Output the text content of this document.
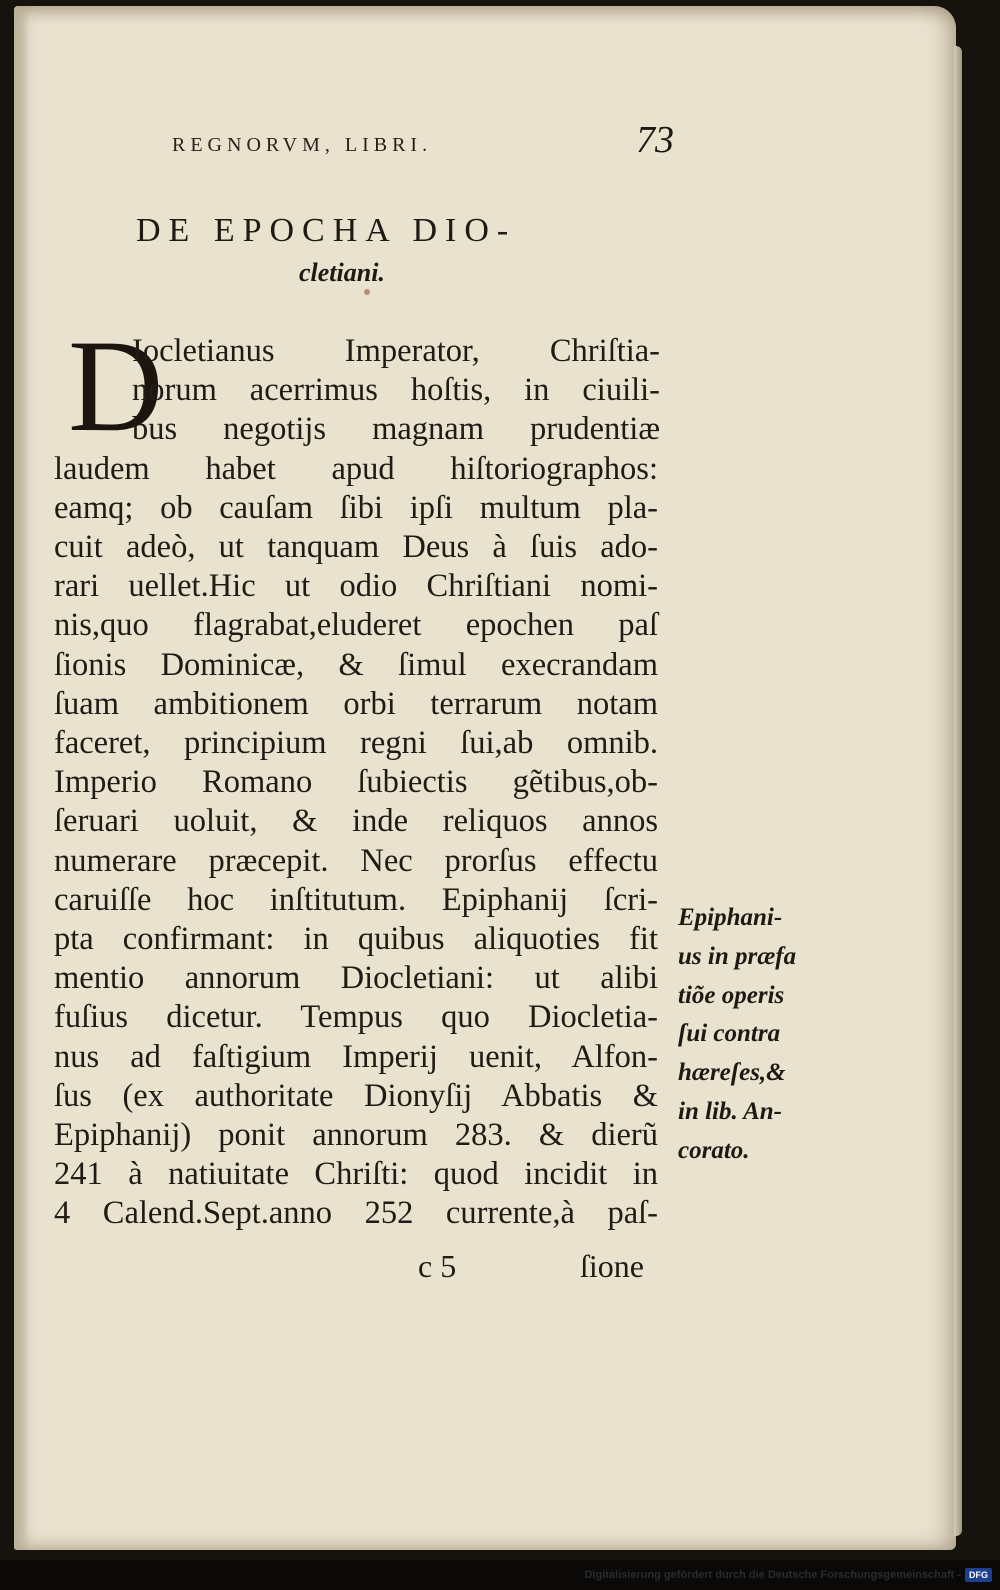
REGNORVM, LIBRI.	73
DE EPOCHA DIO-
cletiani.
D
Iocletianus Imperator, Chriſtia-
norum acerrimus hoſtis, in ciuili-
bus negotijs magnam prudentiæ
laudem habet apud hiſtoriographos:
eamq; ob cauſam ſibi ipſi multum pla-
cuit adeò, ut tanquam Deus à ſuis ado-
rari uellet.Hic ut odio Chriſtiani nomi-
nis,quo flagrabat,eluderet epochen paſ
ſionis Dominicæ, & ſimul execrandam
ſuam ambitionem orbi terrarum notam
faceret, principium regni ſui,ab omnib.
Imperio Romano ſubiectis gẽtibus,ob-
ſeruari uoluit, & inde reliquos annos
numerare præcepit. Nec prorſus effectu
caruiſſe hoc inſtitutum. Epiphanij ſcri-
pta confirmant: in quibus aliquoties fit
mentio annorum Diocletiani: ut alibi
fuſius dicetur. Tempus quo Diocletia-
nus ad faſtigium Imperij uenit, Alfon-
ſus (ex authoritate Dionyſij Abbatis &
Epiphanij) ponit annorum 283. & dierũ
241 à natiuitate Chriſti: quod incidit in
4 Calend.Sept.anno 252 currente,à paſ-
Epiphani-
us in præfa
tiõe operis
ſui contra
hæreſes,&
in lib. An-
corato.
c 5	ſione
Digitalisierung gefördert durch die Deutsche Forschungsgemeinschaft - DFG
